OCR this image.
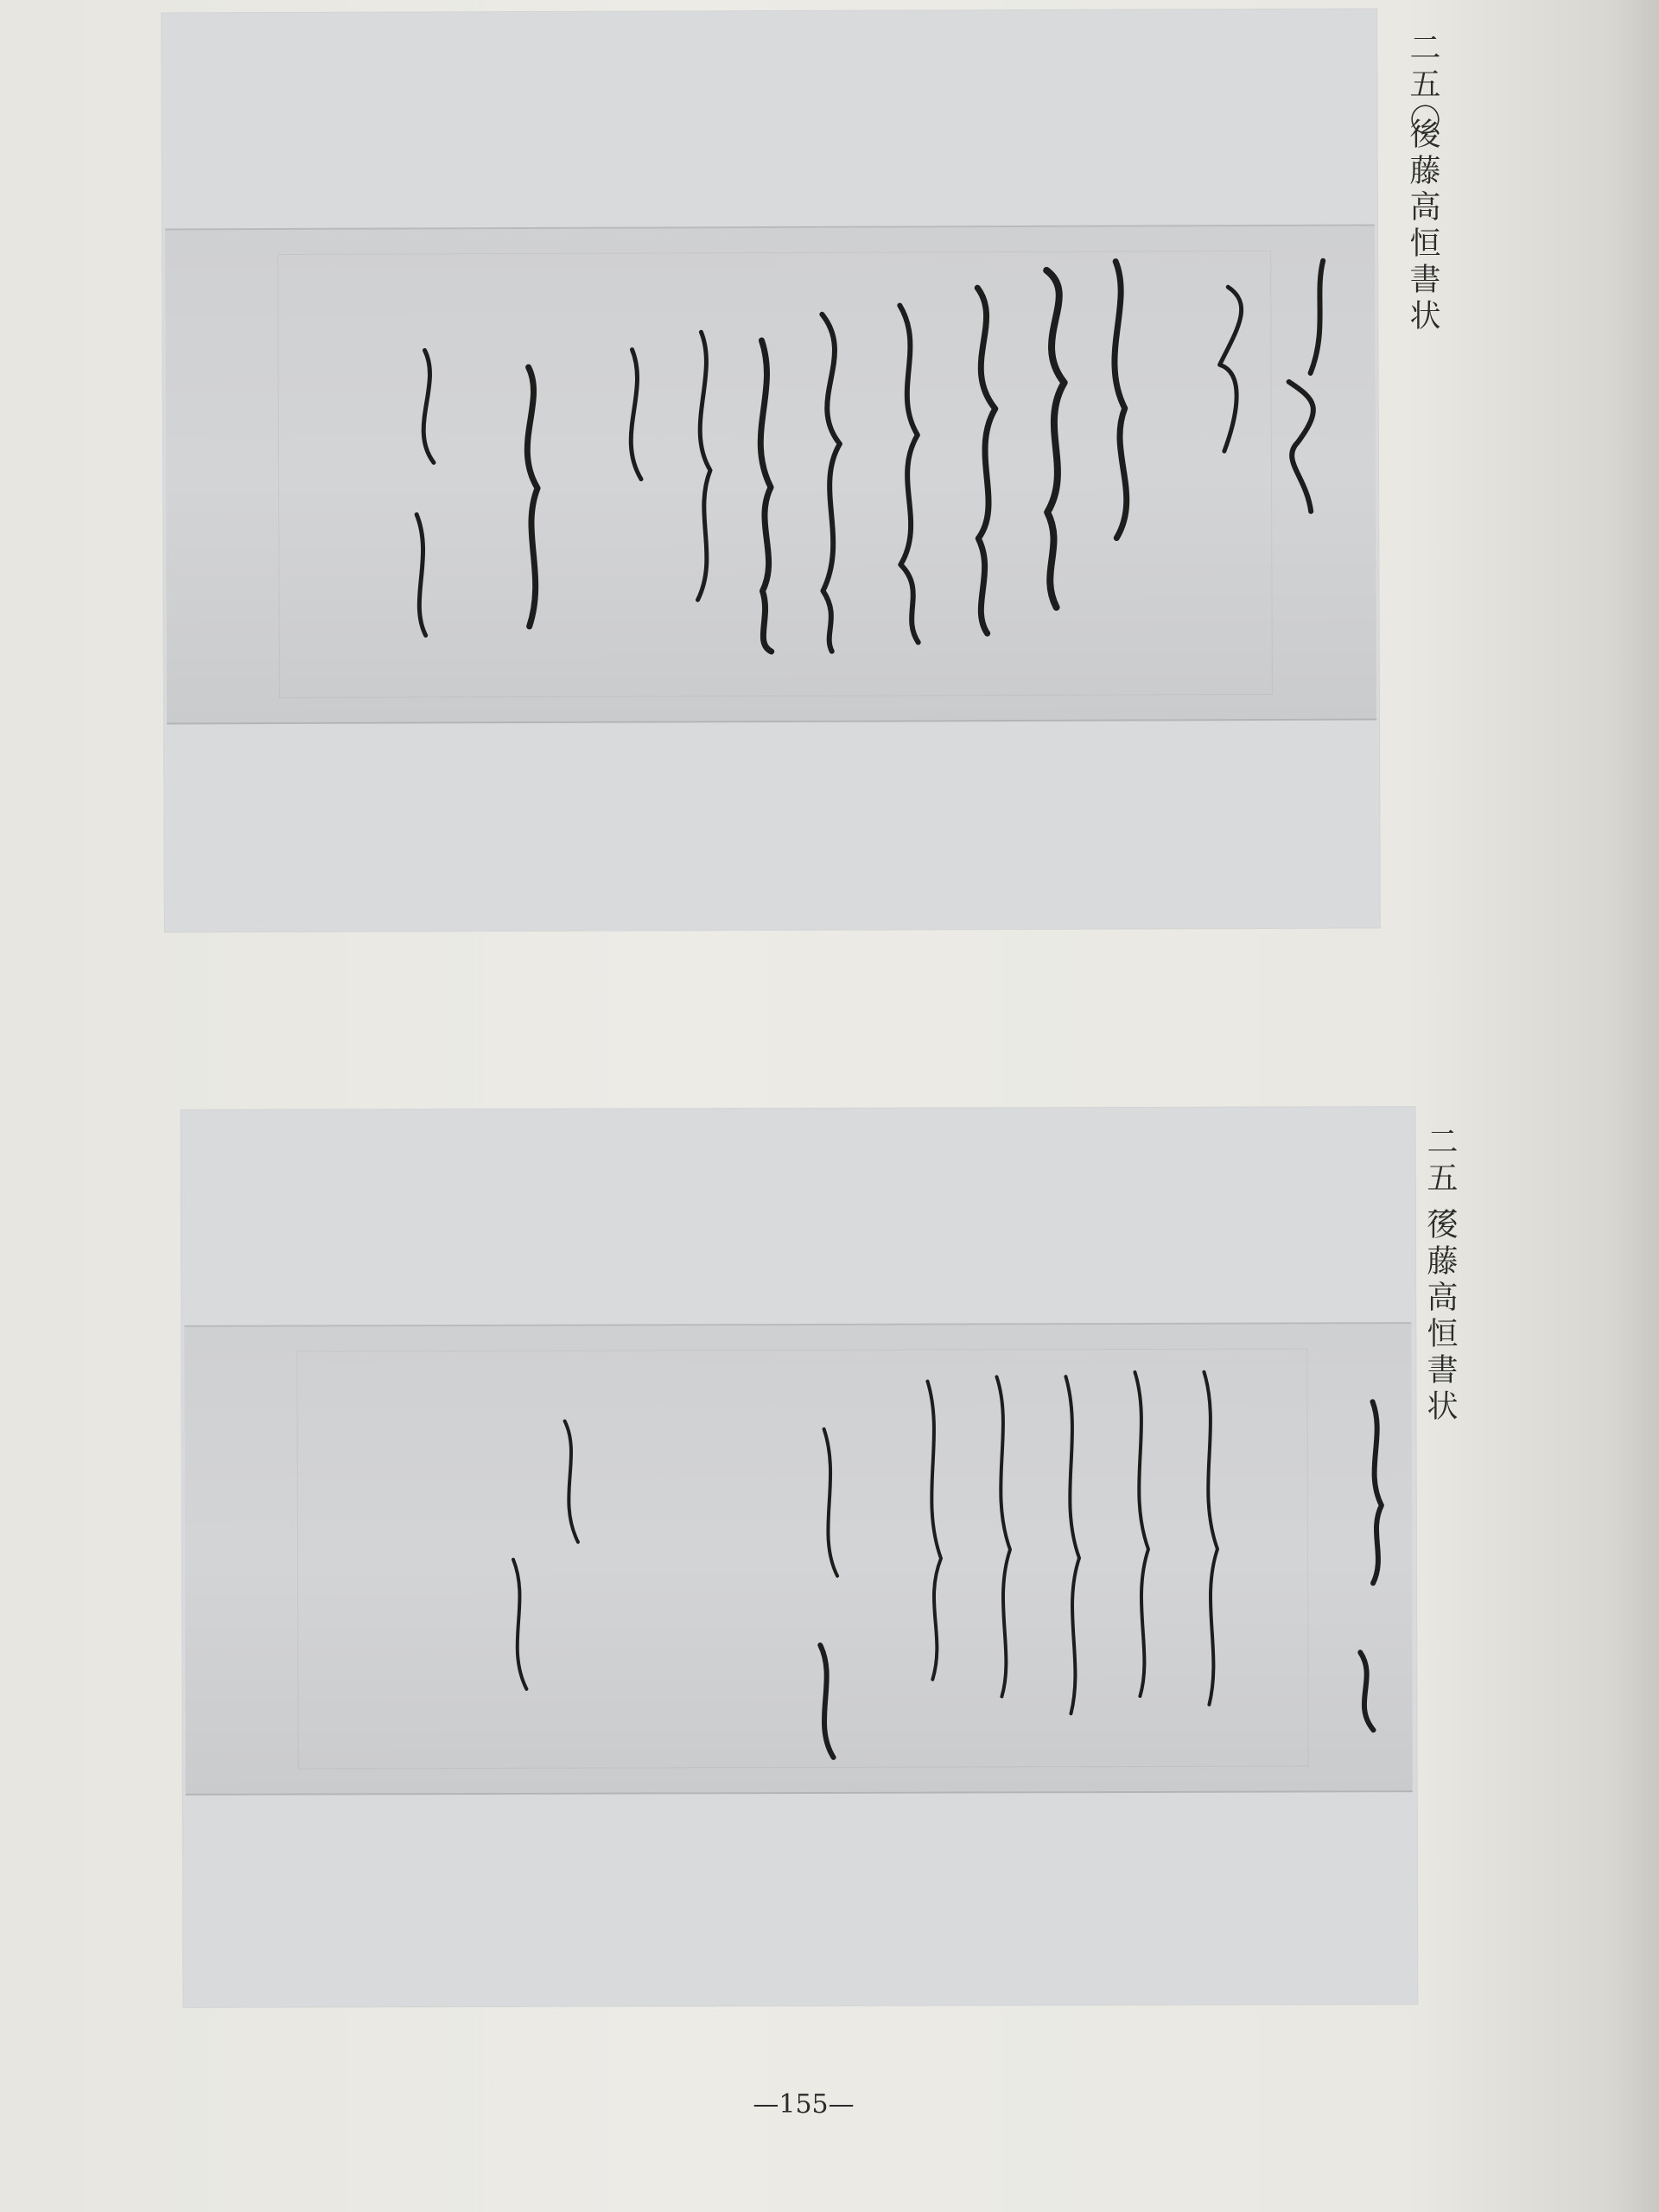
二五〇
後藤高恒書状
二五一
後藤高恒書状
—155—
